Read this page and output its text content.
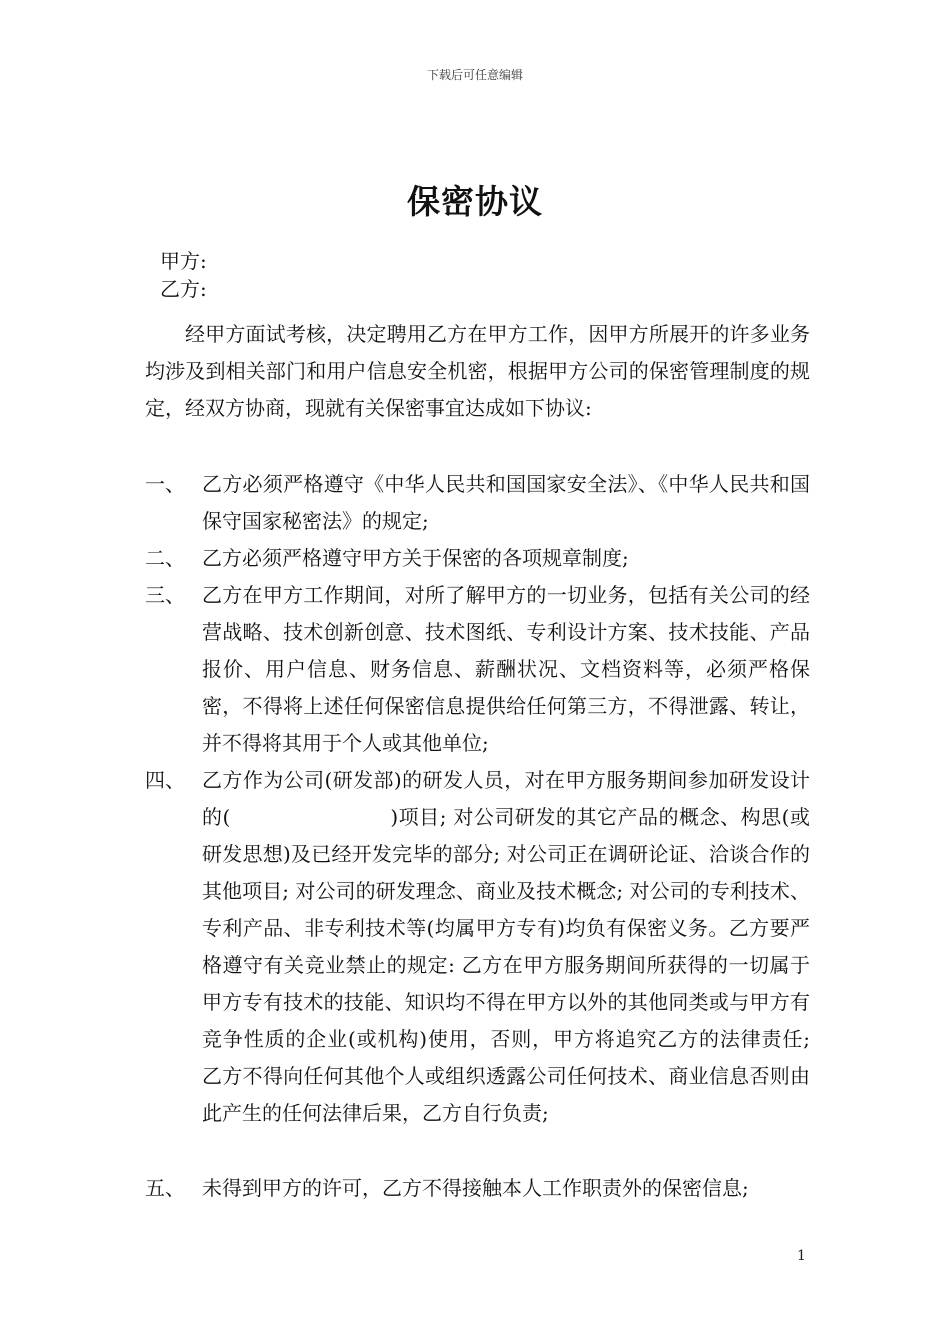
下载后可任意编辑
保密协议
甲方:
乙方:
经甲方面试考核，决定聘用乙方在甲方工作，因甲方所展开的许多业务均涉及到相关部门和用户信息安全机密，根据甲方公司的保密管理制度的规定，经双方协商，现就有关保密事宜达成如下协议:
一、 乙方必须严格遵守《中华人民共和国国家安全法》、《中华人民共和国保守国家秘密法》的规定;
二、 乙方必须严格遵守甲方关于保密的各项规章制度;
三、 乙方在甲方工作期间，对所了解甲方的一切业务，包括有关公司的经营战略、技术创新创意、技术图纸、专利设计方案、技术技能、产品报价、用户信息、财务信息、薪酬状况、文档资料等，必须严格保密，不得将上述任何保密信息提供给任何第三方，不得泄露、转让，并不得将其用于个人或其他单位;
四、 乙方作为公司(研发部)的研发人员，对在甲方服务期间参加研发设计的(	)项目; 对公司研发的其它产品的概念、构思(或研发思想)及已经开发完毕的部分; 对公司正在调研论证、洽谈合作的其他项目; 对公司的研发理念、商业及技术概念; 对公司的专利技术、专利产品、非专利技术等(均属甲方专有)均负有保密义务。乙方要严格遵守有关竞业禁止的规定: 乙方在甲方服务期间所获得的一切属于甲方专有技术的技能、知识均不得在甲方以外的其他同类或与甲方有竞争性质的企业(或机构)使用，否则，甲方将追究乙方的法律责任; 乙方不得向任何其他个人或组织透露公司任何技术、商业信息否则由此产生的任何法律后果，乙方自行负责;
五、 未得到甲方的许可，乙方不得接触本人工作职责外的保密信息;
1
